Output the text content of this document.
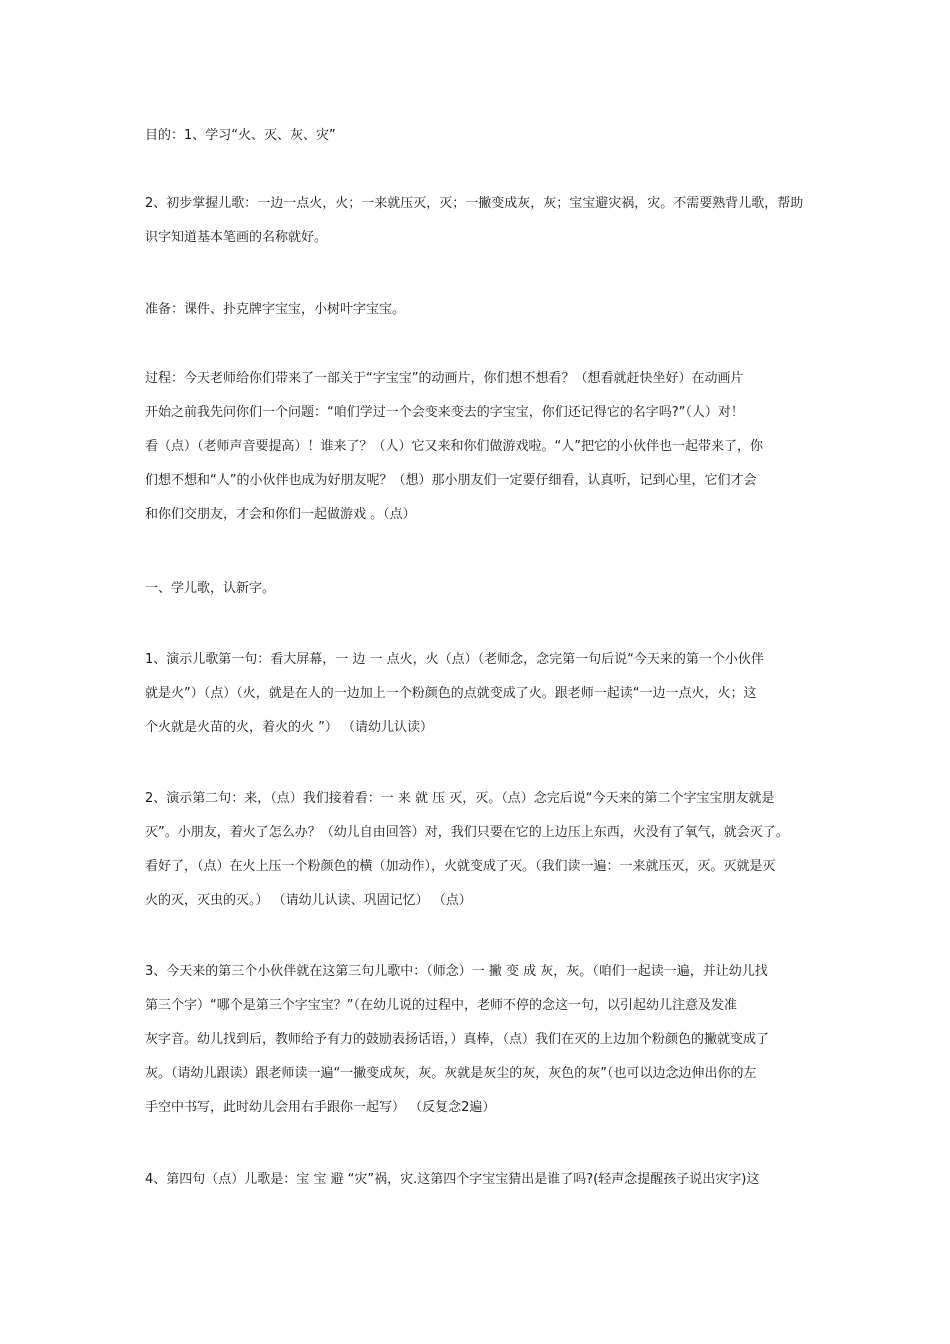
目的：1、学习“火、灭、灰、灾”
2、初步掌握儿歌：一边一点火，火；一来就压灭，灭；一撇变成灰，灰；宝宝避灾祸，灾。不需要熟背儿歌，帮助
识字知道基本笔画的名称就好。
准备：课件、扑克牌字宝宝，小树叶字宝宝。
过程：今天老师给你们带来了一部关于“字宝宝”的动画片，你们想不想看？（想看就赶快坐好）在动画片
开始之前我先问你们一个问题：“咱们学过一个会变来变去的字宝宝，你们还记得它的名字吗?”（人）对！
看（点）（老师声音要提高）！谁来了？（人）它又来和你们做游戏啦。“人”把它的小伙伴也一起带来了，你
们想不想和“人”的小伙伴也成为好朋友呢？（想）那小朋友们一定要仔细看，认真听，记到心里，它们才会
和你们交朋友，才会和你们一起做游戏 。（点）
一、学儿歌，认新字。
1、演示儿歌第一句：看大屏幕，一 边 一 点火，火（点）（老师念，念完第一句后说“今天来的第一个小伙伴
就是火”）（点）（火，就是在人的一边加上一个粉颜色的点就变成了火。跟老师一起读“一边一点火，火；这
个火就是火苗的火，着火的火 ”） （请幼儿认读）
2、演示第二句：来，（点）我们接着看：一 来 就 压 灭，灭。（点）念完后说“今天来的第二个字宝宝朋友就是
灭”。小朋友，着火了怎么办？（幼儿自由回答）对，我们只要在它的上边压上东西，火没有了氧气，就会灭了。
看好了，（点）在火上压一个粉颜色的横（加动作），火就变成了灭。（我们读一遍：一来就压灭，灭。灭就是灭
火的灭，灭虫的灭。） （请幼儿认读、巩固记忆） （点）
3、今天来的第三个小伙伴就在这第三句儿歌中：（师念）一 撇 变 成 灰，灰。（咱们一起读一遍，并让幼儿找
第三个字）“哪个是第三个字宝宝？”（在幼儿说的过程中，老师不停的念这一句，以引起幼儿注意及发准
灰字音。幼儿找到后，教师给予有力的鼓励表扬话语，）真棒，（点）我们在灭的上边加个粉颜色的撇就变成了
灰。（请幼儿跟读）跟老师读一遍“一撇变成灰，灰。灰就是灰尘的灰，灰色的灰”（也可以边念边伸出你的左
手空中书写，此时幼儿会用右手跟你一起写） （反复念2遍）
4、第四句（点）儿歌是：宝 宝 避 “灾”祸，灾.这第四个字宝宝猜出是谁了吗?(轻声念提醒孩子说出灾字)这
